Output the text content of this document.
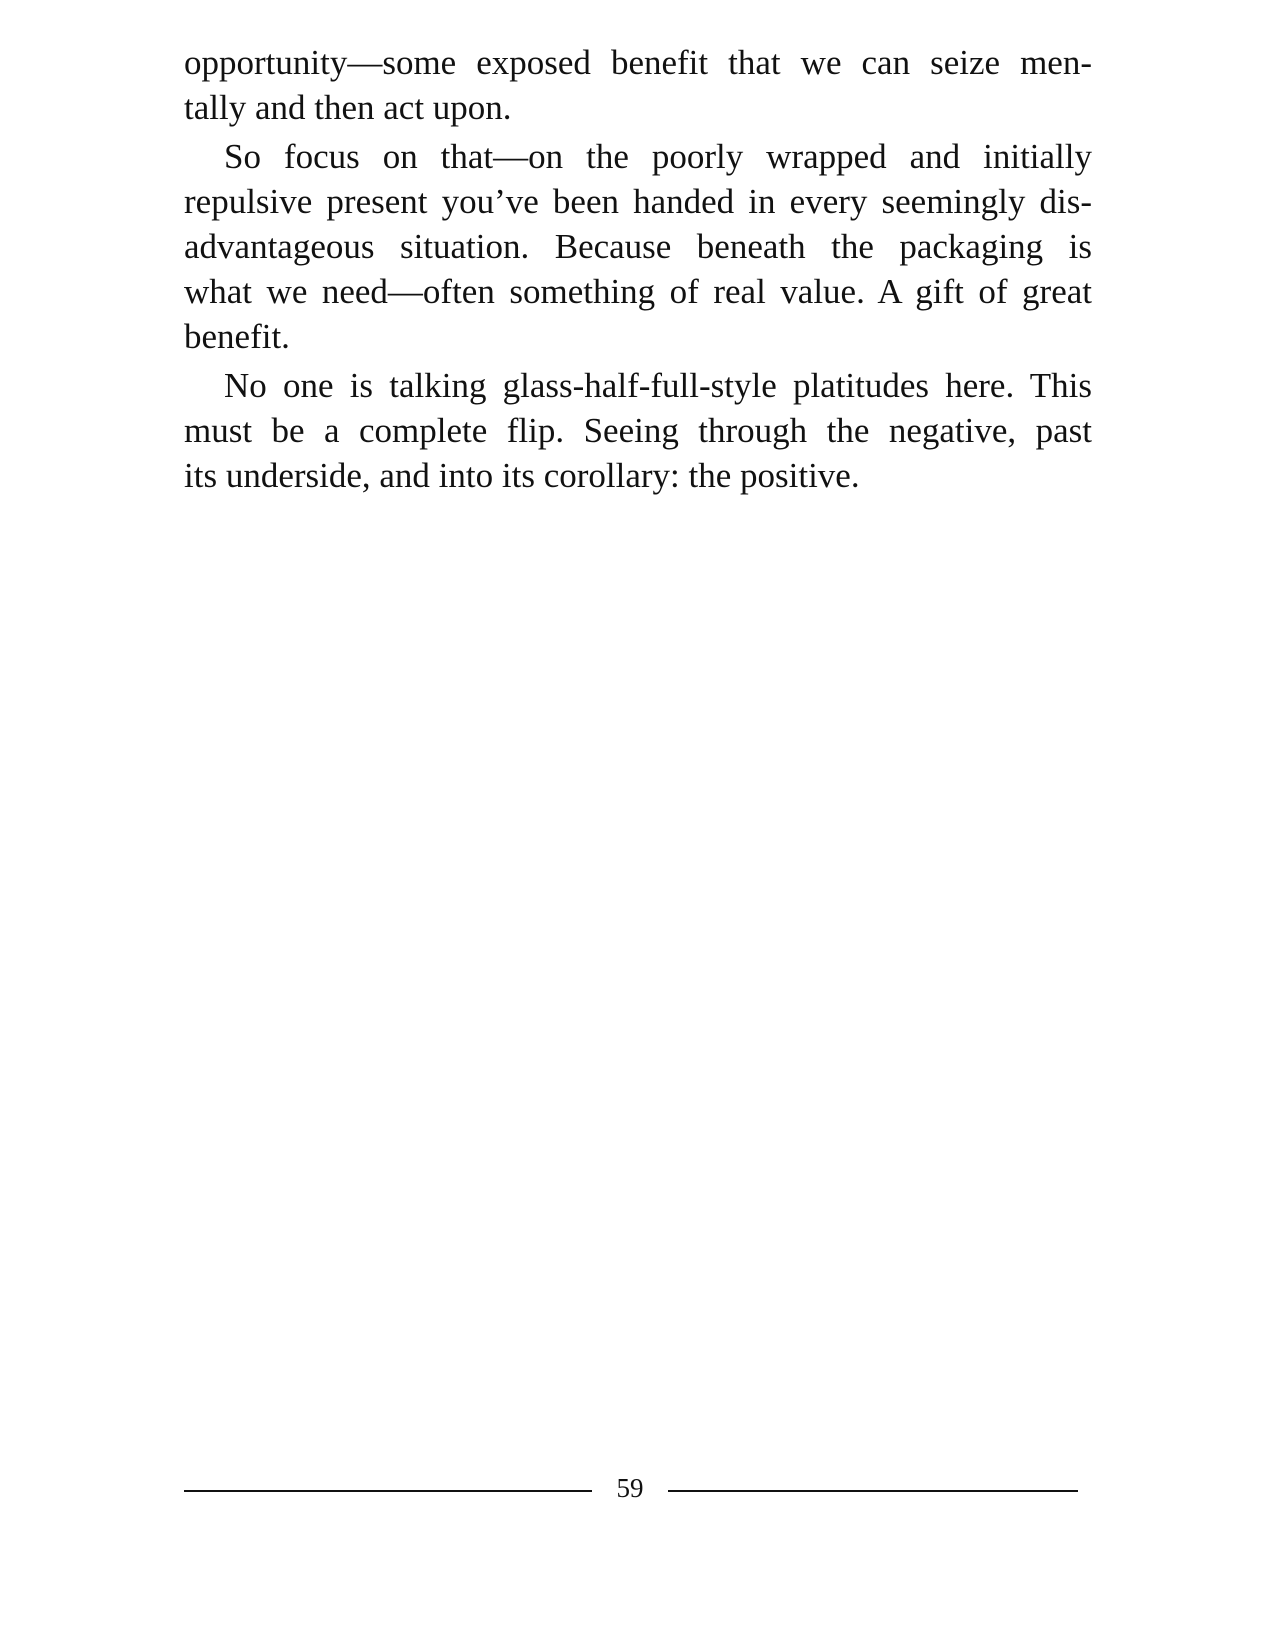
opportunity—some exposed benefit that we can seize men-
tally and then act upon.
So focus on that—on the poorly wrapped and initially
repulsive present you’ve been handed in every seemingly dis-
advantageous situation. Because beneath the packaging is
what we need—often something of real value. A gift of great
benefit.
No one is talking glass-half-full-style platitudes here. This
must be a complete flip. Seeing through the negative, past
its underside, and into its corollary: the positive.
59
